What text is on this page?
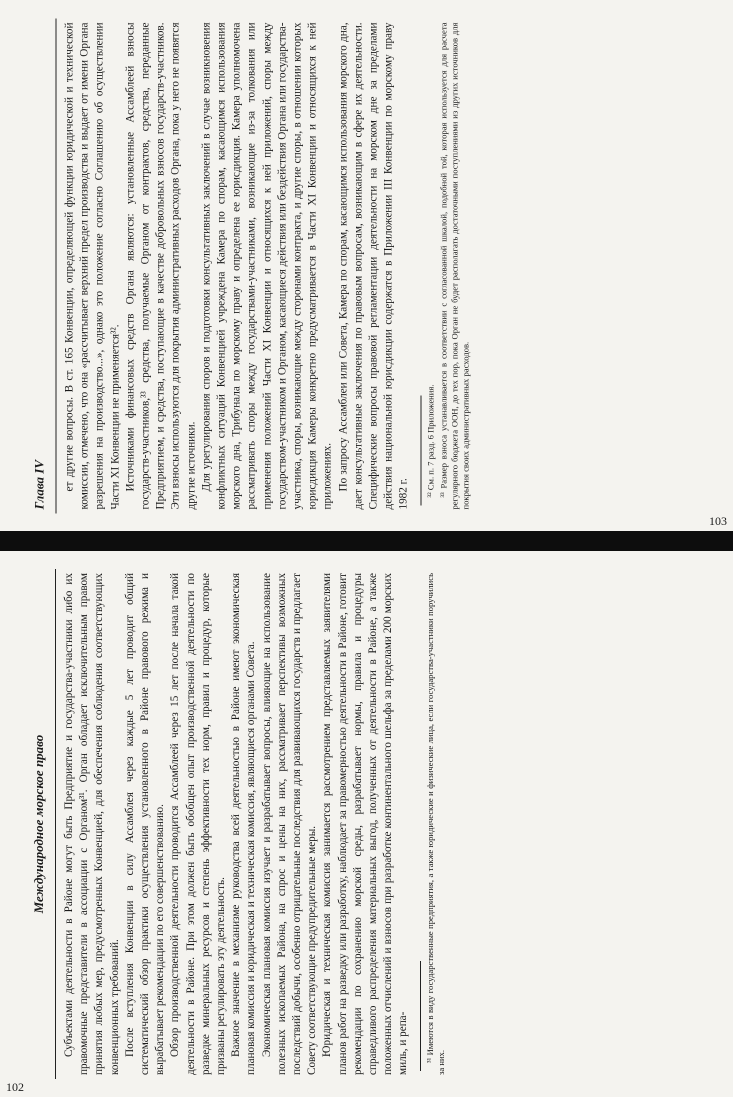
Глава IV	ет другие вопросы. В ст. 165 Конвенции, определяющей функции юридической и технической комиссии, отмечено, что она «рассчитывает верхний предел производства и выдает от имени Органа разрешения на производство...», однако это положение согласно Соглашению об осуществлении Части XI Конвенции не применяется³². Источниками финансовых средств Органа являются: установленные Ассамблеей взносы государств-участников,³³ средства, получаемые Органом от контрактов, средства, переданные Предприятием, и средства, поступающие в качестве добровольных взносов государств-участников. Эти взносы используются для покрытия административных расходов Органа, пока у него не появятся другие источники. Для урегулирования споров и подготовки консультативных заключений в случае возникновения конфликтных ситуаций Конвенцией учреждена Камера по спорам, касающимся использования морского дна, Трибунала по морскому праву и определена ее юрисдикция. Камера уполномочена рассматривать споры между государствами-участниками, возникающие из-за толкования или применения положений Части XI Конвенции и относящихся к ней приложений, споры между государством-участником и Органом, касающиеся действия или бездействия Органа или государства-участника, споры, возникающие между сторонами контракта, и другие споры, в отношении которых юрисдикция Камеры конкретно предусматривается в Части XI Конвенции и относящихся к ней приложениях. По запросу Ассамблеи или Совета, Камера по спорам, касающимся использования морского дна, дает консультативные заключения по правовым вопросам, возникающим в сфере их деятельности. Специфические вопросы правовой регламентации деятельности на морском дне за пределами действия национальной юрисдикции содержатся в Приложении III Конвенции по морскому праву 1982 г. ³² См. п. 7 разд. 6 Приложения. ³³ Размер взноса устанавливается в соответствии с согласованной шкалой, подобной той, которая используется для расчета регулярного бюджета ООН, до тех пор, пока Орган не будет располагать достаточными поступлениями из других источников для покрытия своих административных расходов.

103
Международное морское право	Субъектами деятельности в Районе могут быть Предприятие и государства-участники либо их правомочные представители в ассоциации с Органом³¹. Орган обладает исключительным правом принятия любых мер, предусмотренных Конвенцией, для обеспечения соблюдения соответствующих конвенционных требований. После вступления Конвенции в силу Ассамблея через каждые 5 лет проводит общий систематический обзор практики осуществления установленного в Районе правового режима и вырабатывает рекомендации по его совершенствованию. Обзор производственной деятельности проводится Ассамблеей через 15 лет после начала такой деятельности в Районе. При этом должен быть обобщен опыт производственной деятельности по разведке минеральных ресурсов и степень эффективности тех норм, правил и процедур, которые призваны регулировать эту деятельность. Важное значение в механизме руководства всей деятельностью в Районе имеют экономическая плановая комиссия и юридическая и техническая комиссия, являющиеся органами Совета. Экономическая плановая комиссия изучает и разрабатывает вопросы, влияющие на использование полезных ископаемых Района, на спрос и цены на них, рассматривает перспективы возможных последствий добычи, особенно отрицательные последствия для развивающихся государств и предлагает Совету соответствующие предупредительные меры. Юридическая и техническая комиссия занимается рассмотрением представляемых заявителями планов работ на разведку или разработку, наблюдает за правомерностью деятельности в Районе, готовит рекомендации по сохранению морской среды, разрабатывает нормы, правила и процедуры справедливого распределения материальных выгод, полученных от деятельности в Районе, а также положенных отчислений и взносов при разработке континентального шельфа за пределами 200 морских миль, и репа- ³¹ Имеются в виду государственные предприятия, а также юридические и физические лица, если государства-участники поручились за них.

102
